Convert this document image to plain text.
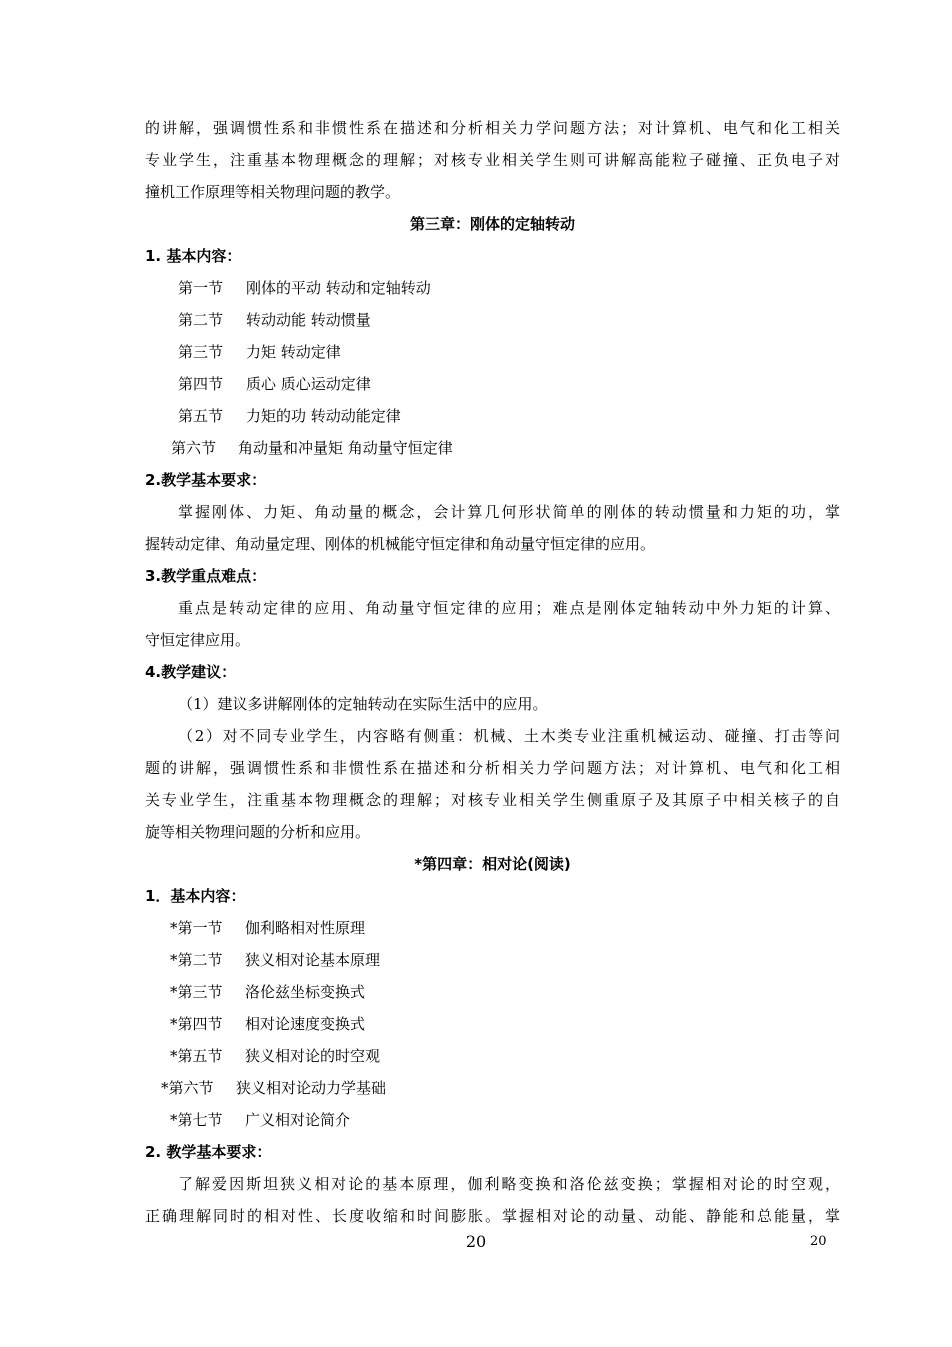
的讲解，强调惯性系和非惯性系在描述和分析相关力学问题方法；对计算机、电气和化工相关
专业学生，注重基本物理概念的理解；对核专业相关学生则可讲解高能粒子碰撞、正负电子对
撞机工作原理等相关物理问题的教学。
第三章：刚体的定轴转动
1. 基本内容：
第一节 刚体的平动 转动和定轴转动
第二节 转动动能 转动惯量
第三节 力矩 转动定律
第四节 质心 质心运动定律
第五节 力矩的功 转动动能定律
第六节 角动量和冲量矩 角动量守恒定律
2.教学基本要求：
掌握刚体、力矩、角动量的概念，会计算几何形状简单的刚体的转动惯量和力矩的功，掌
握转动定律、角动量定理、刚体的机械能守恒定律和角动量守恒定律的应用。
3.教学重点难点：
重点是转动定律的应用、角动量守恒定律的应用；难点是刚体定轴转动中外力矩的计算、
守恒定律应用。
4.教学建议：
（1）建议多讲解刚体的定轴转动在实际生活中的应用。
（2）对不同专业学生，内容略有侧重：机械、土木类专业注重机械运动、碰撞、打击等问
题的讲解，强调惯性系和非惯性系在描述和分析相关力学问题方法；对计算机、电气和化工相
关专业学生，注重基本物理概念的理解；对核专业相关学生侧重原子及其原子中相关核子的自
旋等相关物理问题的分析和应用。
*第四章：相对论(阅读)
1．基本内容：
*第一节 伽利略相对性原理
*第二节 狭义相对论基本原理
*第三节 洛伦兹坐标变换式
*第四节 相对论速度变换式
*第五节 狭义相对论的时空观
*第六节 狭义相对论动力学基础
*第七节 广义相对论简介
2. 教学基本要求：
了解爱因斯坦狭义相对论的基本原理，伽利略变换和洛伦兹变换；掌握相对论的时空观，
正确理解同时的相对性、长度收缩和时间膨胀。掌握相对论的动量、动能、静能和总能量，掌
20	20
